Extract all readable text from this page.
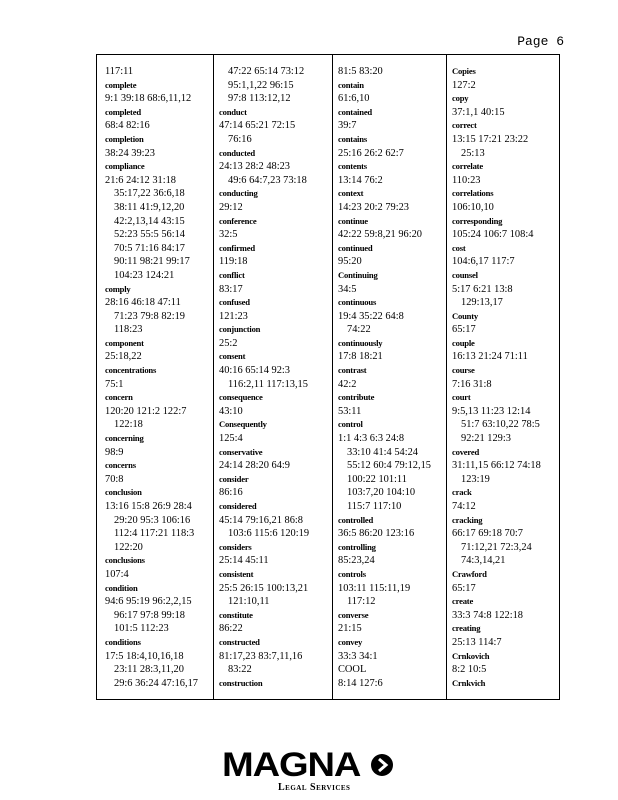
Page 6
117:11
complete
9:1 39:18 68:6,11,12
completed
68:4 82:16
completion
38:24 39:23
compliance
21:6 24:12 31:18
35:17,22 36:6,18
38:11 41:9,12,20
42:2,13,14 43:15
52:23 55:5 56:14
70:5 71:16 84:17
90:11 98:21 99:17
104:23 124:21
comply
28:16 46:18 47:11
71:23 79:8 82:19
118:23
component
25:18,22
concentrations
75:1
concern
120:20 121:2 122:7
122:18
concerning
98:9
concerns
70:8
conclusion
13:16 15:8 26:9 28:4
29:20 95:3 106:16
112:4 117:21 118:3
122:20
conclusions
107:4
condition
94:6 95:19 96:2,2,15
96:17 97:8 99:18
101:5 112:23
conditions
17:5 18:4,10,16,18
23:11 28:3,11,20
29:6 36:24 47:16,17
47:22 65:14 73:12
95:1,1,22 96:15
97:8 113:12,12
conduct
47:14 65:21 72:15
76:16
conducted
24:13 28:2 48:23
49:6 64:7,23 73:18
conducting
29:12
conference
32:5
confirmed
119:18
conflict
83:17
confused
121:23
conjunction
25:2
consent
40:16 65:14 92:3
116:2,11 117:13,15
consequence
43:10
Consequently
125:4
conservative
24:14 28:20 64:9
consider
86:16
considered
45:14 79:16,21 86:8
103:6 115:6 120:19
considers
25:14 45:11
consistent
25:5 26:15 100:13,21
121:10,11
constitute
86:22
constructed
81:17,23 83:7,11,16
83:22
construction
81:5 83:20
contain
61:6,10
contained
39:7
contains
25:16 26:2 62:7
contents
13:14 76:2
context
14:23 20:2 79:23
continue
42:22 59:8,21 96:20
continued
95:20
Continuing
34:5
continuous
19:4 35:22 64:8
74:22
continuously
17:8 18:21
contrast
42:2
contribute
53:11
control
1:1 4:3 6:3 24:8
33:10 41:4 54:24
55:12 60:4 79:12,15
100:22 101:11
103:7,20 104:10
115:7 117:10
controlled
36:5 86:20 123:16
controlling
85:23,24
controls
103:11 115:11,19
117:12
converse
21:15
convey
33:3 34:1
COOL
8:14 127:6
Copies
127:2
copy
37:1,1 40:15
correct
13:15 17:21 23:22
25:13
correlate
110:23
correlations
106:10,10
corresponding
105:24 106:7 108:4
cost
104:6,17 117:7
counsel
5:17 6:21 13:8
129:13,17
County
65:17
couple
16:13 21:24 71:11
course
7:16 31:8
court
9:5,13 11:23 12:14
51:7 63:10,22 78:5
92:21 129:3
covered
31:11,15 66:12 74:18
123:19
crack
74:12
cracking
66:17 69:18 70:7
71:12,21 72:3,24
74:3,14,21
Crawford
65:17
create
33:3 74:8 122:18
creating
25:13 114:7
Crnkovich
8:2 10:5
Crnkvich
MAGNA
Legal Services
